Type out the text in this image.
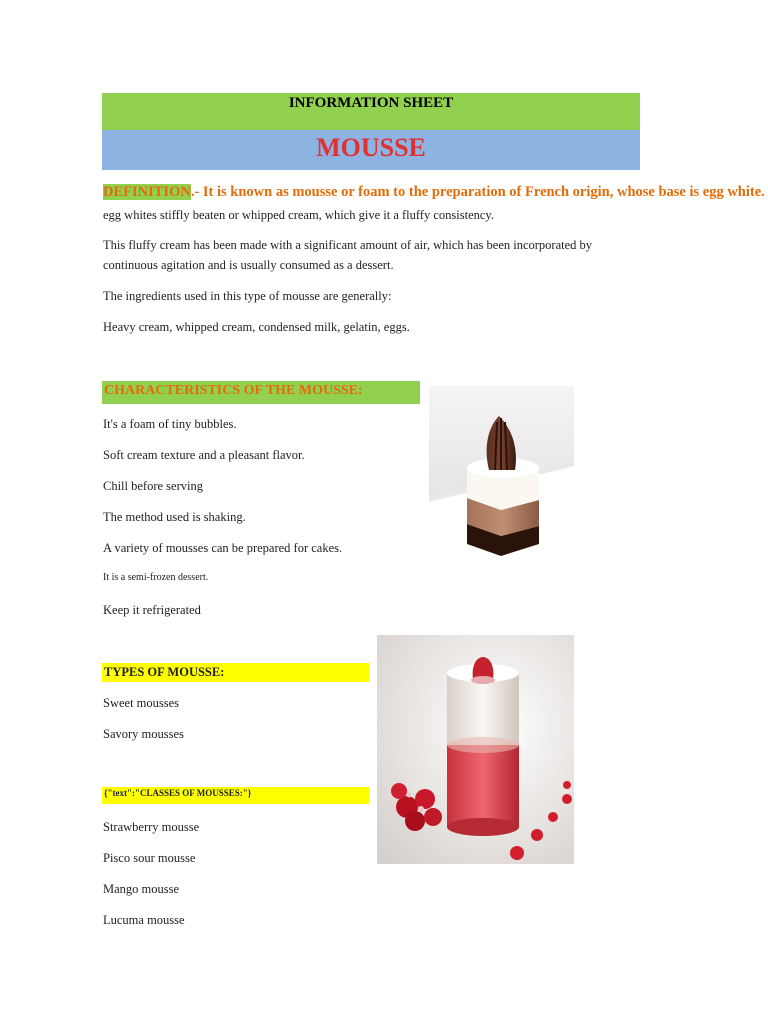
INFORMATION SHEET
MOUSSE
DEFINITION.- It is known as mousse or foam to the preparation of French origin, whose base is egg white.
egg whites stiffly beaten or whipped cream, which give it a fluffy consistency.
This fluffy cream has been made with a significant amount of air, which has been incorporated by
continuous agitation and is usually consumed as a dessert.
The ingredients used in this type of mousse are generally:
Heavy cream, whipped cream, condensed milk, gelatin, eggs.
CHARACTERISTICS OF THE MOUSSE:
It's a foam of tiny bubbles.
Soft cream texture and a pleasant flavor.
Chill before serving
The method used is shaking.
A variety of mousses can be prepared for cakes.
It is a semi-frozen dessert.
Keep it refrigerated
TYPES OF MOUSSE:
Sweet mousses
Savory mousses
{"text":"CLASSES OF MOUSSES:"}
Strawberry mousse
Pisco sour mousse
Mango mousse
Lucuma mousse
